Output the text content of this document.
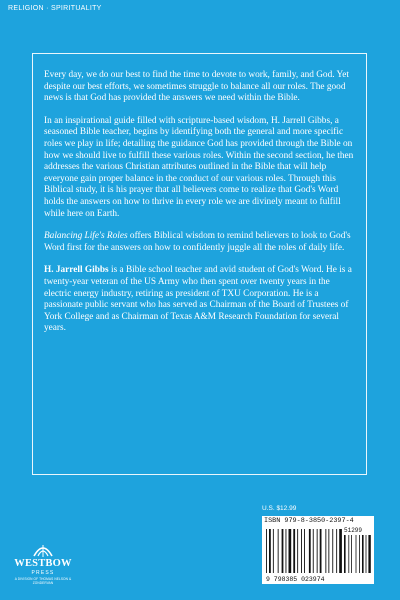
RELIGION · SPIRITUALITY

Every day, we do our best to find the time to devote to work, family, and God. Yet despite our best efforts, we sometimes struggle to balance all our roles. The good news is that God has provided the answers we need within the Bible.

In an inspirational guide filled with scripture-based wisdom, H. Jarrell Gibbs, a seasoned Bible teacher, begins by identifying both the general and more specific roles we play in life; detailing the guidance God has provided through the Bible on how we should live to fulfill these various roles. Within the second section, he then addresses the various Christian attributes outlined in the Bible that will help everyone gain proper balance in the conduct of our various roles. Through this Biblical study, it is his prayer that all believers come to realize that God's Word holds the answers on how to thrive in every role we are divinely meant to fulfill while here on Earth.

Balancing Life's Roles offers Biblical wisdom to remind believers to look to God's Word first for the answers on how to confidently juggle all the roles of daily life.

H. Jarrell Gibbs is a Bible school teacher and avid student of God's Word. He is a twenty-year veteran of the US Army who then spent over twenty years in the electric energy industry, retiring as president of TXU Corporation. He is a passionate public servant who has served as Chairman of the Board of Trustees of York College and as Chairman of Texas A&M Research Foundation for several years.

U.S. $12.99
ISBN 979-8-3850-2397-4
9 798385 023974
51299
WESTBOW
PRESS
A DIVISION OF THOMAS NELSON & ZONDERVAN
